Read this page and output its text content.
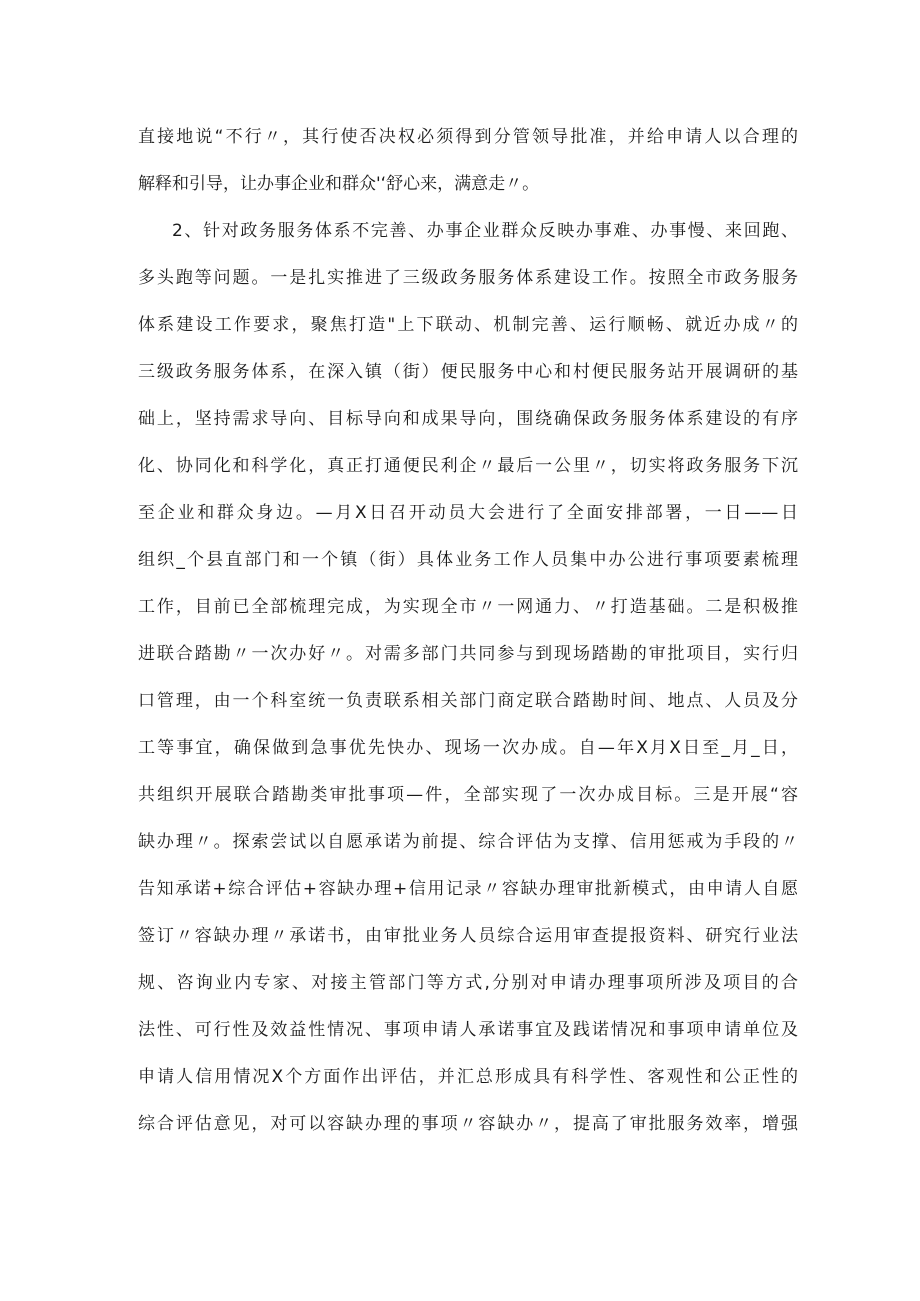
直接地说“不行〃，其行使否决权必须得到分管领导批准，并给申请人以合理的
解释和引导，让办事企业和群众'‘舒心来，满意走〃。
2、针对政务服务体系不完善、办事企业群众反映办事难、办事慢、来回跑、
多头跑等问题。一是扎实推进了三级政务服务体系建设工作。按照全市政务服务
体系建设工作要求，聚焦打造"上下联动、机制完善、运行顺畅、就近办成〃的
三级政务服务体系，在深入镇（街）便民服务中心和村便民服务站开展调研的基
础上，坚持需求导向、目标导向和成果导向，围绕确保政务服务体系建设的有序
化、协同化和科学化，真正打通便民利企〃最后一公里〃，切实将政务服务下沉
至企业和群众身边。—月X日召开动员大会进行了全面安排部署，一日——日
组织_个县直部门和一个镇（街）具体业务工作人员集中办公进行事项要素梳理
工作，目前已全部梳理完成，为实现全市〃一网通力、〃打造基础。二是积极推
进联合踏勘〃一次办好〃。对需多部门共同参与到现场踏勘的审批项目，实行归
口管理，由一个科室统一负责联系相关部门商定联合踏勘时间、地点、人员及分
工等事宜，确保做到急事优先快办、现场一次办成。自—年X月X日至_月_日，
共组织开展联合踏勘类审批事项—件，全部实现了一次办成目标。三是开展“容
缺办理〃。探索尝试以自愿承诺为前提、综合评估为支撑、信用惩戒为手段的〃
告知承诺+综合评估+容缺办理+信用记录〃容缺办理审批新模式，由申请人自愿
签订〃容缺办理〃承诺书，由审批业务人员综合运用审查提报资料、研究行业法
规、咨询业内专家、对接主管部门等方式,分别对申请办理事项所涉及项目的合
法性、可行性及效益性情况、事项申请人承诺事宜及践诺情况和事项申请单位及
申请人信用情况X个方面作出评估，并汇总形成具有科学性、客观性和公正性的
综合评估意见，对可以容缺办理的事项〃容缺办〃，提高了审批服务效率，增强
